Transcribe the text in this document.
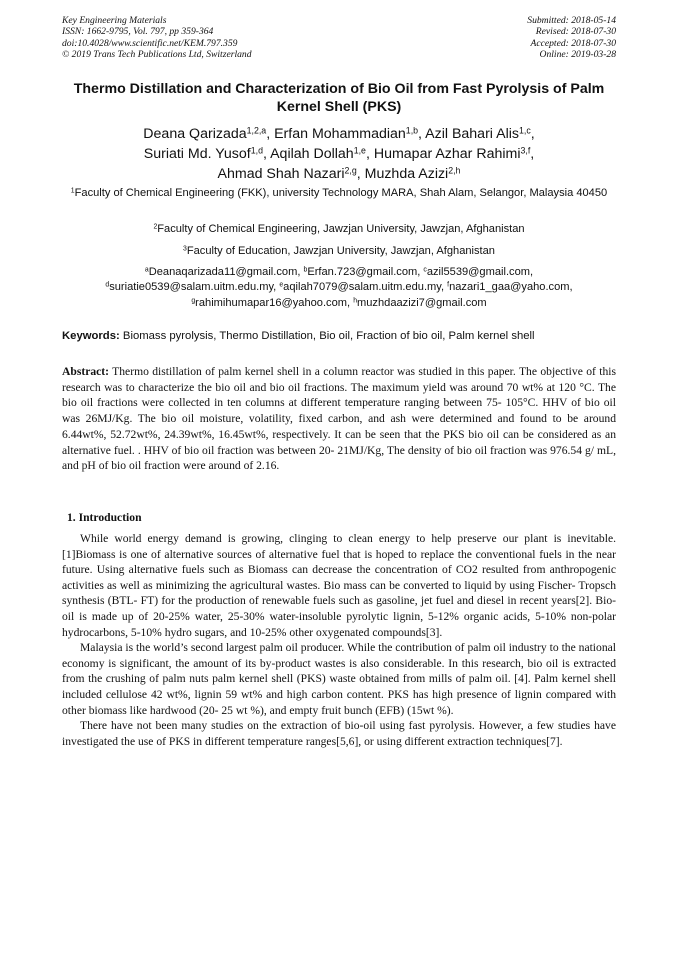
Key Engineering Materials
ISSN: 1662-9795, Vol. 797, pp 359-364
doi:10.4028/www.scientific.net/KEM.797.359
© 2019 Trans Tech Publications Ltd, Switzerland
Submitted: 2018-05-14
Revised: 2018-07-30
Accepted: 2018-07-30
Online: 2019-03-28
Thermo Distillation and Characterization of Bio Oil from Fast Pyrolysis of Palm Kernel Shell (PKS)
Deana Qarizada$^{1,2,a}$, Erfan Mohammadian$^{1,b}$, Azil Bahari Alis$^{1,c}$,
Suriati Md. Yusof$^{1,d}$, Aqilah Dollah$^{1,e}$, Humapar Azhar Rahimi$^{3,f}$,
Ahmad Shah Nazari$^{2,g}$, Muzhda Azizi$^{2,h}$
$^1$Faculty of Chemical Engineering (FKK), university Technology MARA, Shah Alam, Selangor, Malaysia 40450
$^2$Faculty of Chemical Engineering, Jawzjan University, Jawzjan, Afghanistan
$^3$Faculty of Education, Jawzjan University, Jawzjan, Afghanistan
$^a$Deanaqarizada11@gmail.com, $^b$Erfan.723@gmail.com, $^c$azil5539@gmail.com,
$^d$suriatie0539@salam.uitm.edu.my, $^e$aqilah7079@salam.uitm.edu.my, $^f$nazari1_gaa@yaho.com,
$^g$rahimihumapar16@yahoo.com, $^h$muzhdaazizi7@gmail.com
Keywords: Biomass pyrolysis, Thermo Distillation, Bio oil, Fraction of bio oil, Palm kernel shell

Abstract: Thermo distillation of palm kernel shell in a column reactor was studied in this paper. The objective of this research was to characterize the bio oil and bio oil fractions. The maximum yield was around 70 wt% at 120 °C. The bio oil fractions were collected in ten columns at different temperature ranging between 75- 105°C. HHV of bio oil was 26MJ/Kg. The bio oil moisture, volatility, fixed carbon, and ash were determined and found to be around 6.44wt%, 52.72wt%, 24.39wt%, 16.45wt%, respectively. It can be seen that the PKS bio oil can be considered as an alternative fuel. . HHV of bio oil fraction was between 20- 21MJ/Kg, The density of bio oil fraction was 976.54 g/ mL, and pH of bio oil fraction were around of 2.16.

1. Introduction

While world energy demand is growing, clinging to clean energy to help preserve our plant is inevitable. [1]Biomass is one of alternative sources of alternative fuel that is hoped to replace the conventional fuels in the near future. Using alternative fuels such as Biomass can decrease the concentration of CO2 resulted from anthropogenic activities as well as minimizing the agricultural wastes. Bio mass can be converted to liquid by using Fischer- Tropsch synthesis (BTL- FT) for the production of renewable fuels such as gasoline, jet fuel and diesel in recent years[2]. Bio-oil is made up of 20-25% water, 25-30% water-insoluble pyrolytic lignin, 5-12% organic acids, 5-10% non-polar hydrocarbons, 5-10% hydro sugars, and 10-25% other oxygenated compounds[3].

Malaysia is the world’s second largest palm oil producer. While the contribution of palm oil industry to the national economy is significant, the amount of its by-product wastes is also considerable. In this research, bio oil is extracted from the crushing of palm nuts palm kernel shell (PKS) waste obtained from mills of palm oil. [4]. Palm kernel shell included cellulose 42 wt%, lignin 59 wt% and high carbon content. PKS has high presence of lignin compared with other biomass like hardwood (20- 25 wt %), and empty fruit bunch (EFB) (15wt %).

There have not been many studies on the extraction of bio-oil using fast pyrolysis. However, a few studies have investigated the use of PKS in different temperature ranges[5,6], or using different extraction techniques[7].
